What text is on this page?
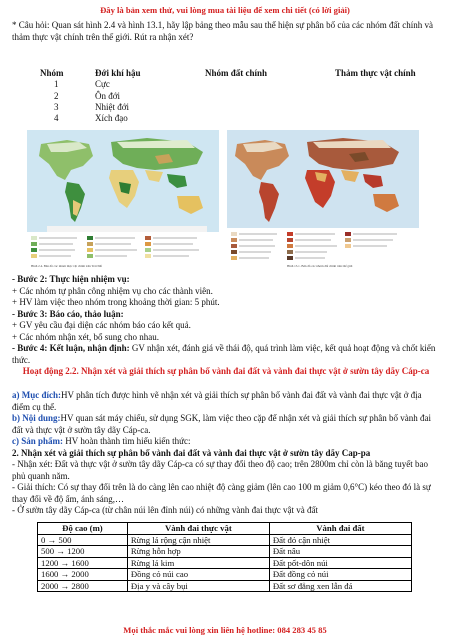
Đây là bản xem thử, vui lòng mua tài liệu để xem chi tiết (có lời giải)
* Câu hỏi: Quan sát hình 2.4 và hình 13.1, hãy lập bảng theo mẫu sau thể hiện sự phân bố của các nhóm đất chính và thảm thực vật chính trên thế giới. Rút ra nhận xét?
Nhóm	Đới khí hậu	Nhóm đất chính	Thảm thực vật chính
1	Cực
2	Ôn đới
3	Nhiệt đới
4	Xích đạo
Hình 2.4. Bản đồ các nhóm thực vật chính trên Trái Đất	Hình 13.1. Bản đồ các nhóm đất chính trên thế giới
- Bước 2: Thực hiện nhiệm vụ:
+ Các nhóm tự phân công nhiệm vụ cho các thành viên.
+ HV làm việc theo nhóm trong khoảng thời gian: 5 phút.
- Bước 3: Báo cáo, thảo luận:
+ GV yêu cầu đại diện các nhóm báo cáo kết quả.
+ Các nhóm nhận xét, bổ sung cho nhau.
- Bước 4: Kết luận, nhận định: GV nhận xét, đánh giá về thái độ, quá trình làm việc, kết quả hoạt động và chốt kiến thức.
Hoạt động 2.2. Nhận xét và giải thích sự phân bố vành đai đất và vành đai thực vật ở sườn tây dãy Cáp-ca
a) Mục đích:HV phân tích được hình vẽ nhận xét và giải thích sự phân bố vành đai đất và vành đai thực vật ở địa điểm cụ thể.
b) Nội dung:HV quan sát máy chiếu, sử dụng SGK, làm việc theo cặp để nhận xét và giải thích sự phân bố vành đai đất và thực vật ở sườn tây dãy Cáp-ca.
c) Sản phẩm: HV hoàn thành tìm hiểu kiến thức:
2. Nhận xét và giải thích sự phân bố vành đai đất và vành đai thực vật ở sườn tây dãy Cap-pa
- Nhận xét: Đất và thực vật ở sườn tây dãy Cáp-ca có sự thay đổi theo độ cao; trên 2800m chỉ còn là băng tuyết bao phủ quanh năm.
- Giải thích: Có sự thay đổi trên là do càng lên cao nhiệt độ càng giảm (lên cao 100 m giảm 0,6°C) kéo theo đó là sự thay đổi về độ ẩm, ánh sáng,…
- Ở sườn tây dãy Cáp-ca (từ chân núi lên đỉnh núi) có những vành đai thực vật và đất
Độ cao (m)	Vành đai thực vật	Vành đai đất
0 → 500	Rừng lá rộng cận nhiệt	Đất đỏ cận nhiệt
500 → 1200	Rừng hỗn hợp	Đất nâu
1200 → 1600	Rừng lá kim	Đất pốt-dôn núi
1600 → 2000	Đồng cỏ núi cao	Đất đồng cỏ núi
2000 → 2800	Địa y và cây bụi	Đất sơ đẳng xen lẫn đá
Mọi thắc mắc vui lòng xin liên hệ hotline: 084 283 45 85
